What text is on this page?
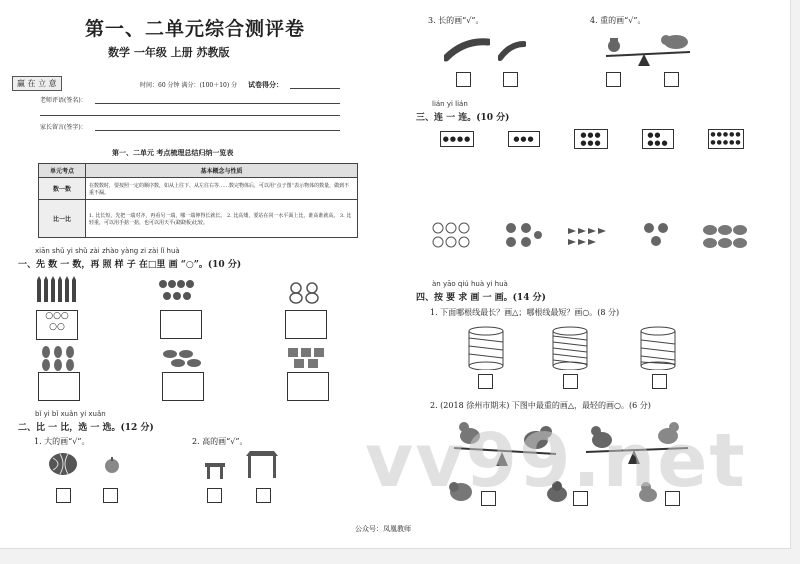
第一、二单元综合测评卷
数学 一年级 上册 苏教版
赢 在 立 意	时间：60 分钟 满分：(100＋10) 分 试卷得分：
老师评语(签名)：
家长留言(签字)：
第一、二单元 考点梳理总结归纳一览表
单元考点	基本概念与性质
数一数	在数数时，要按照一定的顺序数，如从上往下、从左往右等……数完物体后，可以用“点子图”表示物体的数量，做到不重不漏。
比一比	1. 比长短，先把一端对齐，再看另一端，哪一端伸得长就长。 2. 比高矮，要站在同一水平面上比，谁高谁就高。 3. 比轻重，可以用手掂一掂，也可以用天平(跷跷板)比较。
xiān shǔ yi shǔ zài zhào yàng zi zài lǐ huà
一、先 数 一 数，再 照 样 子 在□里 画 “○”。(10 分)
○○○
○○
bǐ yi bǐ xuǎn yi xuǎn
二、比 一 比，选 一 选。(12 分)
1. 大的画“√”。	2. 高的画“√”。
3. 长的画“√”。	4. 重的画“√”。
lián yi lián
三、连 一 连。(10 分)
●●●●	●●●	●●●
●●●
●●
●●●
●●●●●
●●●●●
àn yāo qiú huà yi huà
四、按 要 求 画 一 画。(14 分)
1. 下面哪根线最长？画△；哪根线最短？画○。(8 分)
2. (2018 徐州市期末) 下图中最重的画△，最轻的画○。(6 分)
vv99.net
公众号：凤凰教师
